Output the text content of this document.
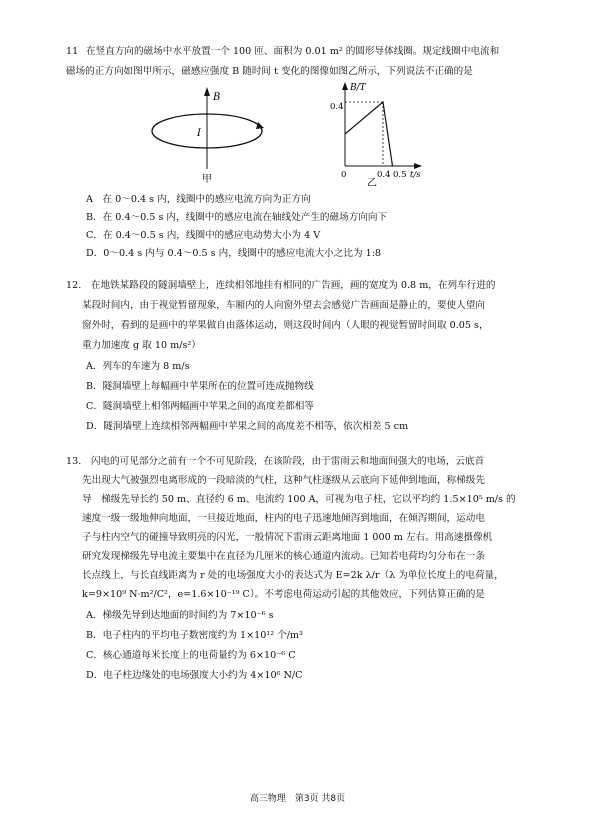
11 在竖直方向的磁场中水平放置一个 100 匝、面积为 0.01 m² 的圆形导体线圈。规定线圈中电流和
磁场的正方向如图甲所示，磁感应强度 B 随时间 t 变化的图像如图乙所示，下列说法不正确的是
B
I
甲
B/T
0.4
0	0.4 0.5 t/s
乙
A　在 0～0.4 s 内，线圈中的感应电流方向为正方向
B．在 0.4～0.5 s 内，线圈中的感应电流在轴线处产生的磁场方向向下
C．在 0.4～0.5 s 内，线圈中的感应电动势大小为 4 V
D．0～0.4 s 内与 0.4～0.5 s 内，线圈中的感应电流大小之比为 1:8
12.　在地铁某路段的隧洞墙壁上，连续相邻地挂有相同的广告画，画的宽度为 0.8 m，在列车行进的
某段时间内，由于视觉暂留现象，车厢内的人向窗外望去会感觉广告画面是静止的，要使人望向
窗外时，看到的是画中的苹果做自由落体运动，则这段时间内（人眼的视觉暂留时间取 0.05 s，
重力加速度 g 取 10 m/s²）
A．列车的车速为 8 m/s
B．隧洞墙壁上每幅画中苹果所在的位置可连成抛物线
C．隧洞墙壁上相邻两幅画中苹果之间的高度差都相等
D．隧洞墙壁上连续相邻两幅画中苹果之间的高度差不相等，依次相差 5 cm
13.　闪电的可见部分之前有一个不可见阶段，在该阶段，由于雷雨云和地面间强大的电场，云底首
先出现大气被强烈电离形成的一段暗淡的气柱，这种气柱逐级从云底向下延伸到地面，称梯级先
导　梯级先导长约 50 m、直径约 6 m、电流约 100 A，可视为电子柱，它以平均约 1.5×10⁵ m/s 的
速度一级一级地伸向地面，一旦接近地面，柱内的电子迅速地倾泻到地面，在倾泻期间，运动电
子与柱内空气的碰撞导致明亮的闪光，一般情况下雷雨云距离地面 1 000 m 左右。用高速摄像机
研究发现梯级先导电流主要集中在直径为几厘米的核心通道内流动。已知若电荷均匀分布在一条
长点线上，与长直线距离为 r 处的电场强度大小的表达式为 E=2k λ/r（λ 为单位长度上的电荷量，
k=9×10⁹ N·m²/C²，e=1.6×10⁻¹⁹ C）。不考虑电荷运动引起的其他效应，下列估算正确的是
A．梯级先导到达地面的时间约为 7×10⁻⁶ s
B．电子柱内的平均电子数密度约为 1×10¹² 个/m³
C．核心通道每米长度上的电荷量约为 6×10⁻⁶ C
D．电子柱边缘处的电场强度大小约为 4×10⁶ N/C
高三物理　第3页 共8页
